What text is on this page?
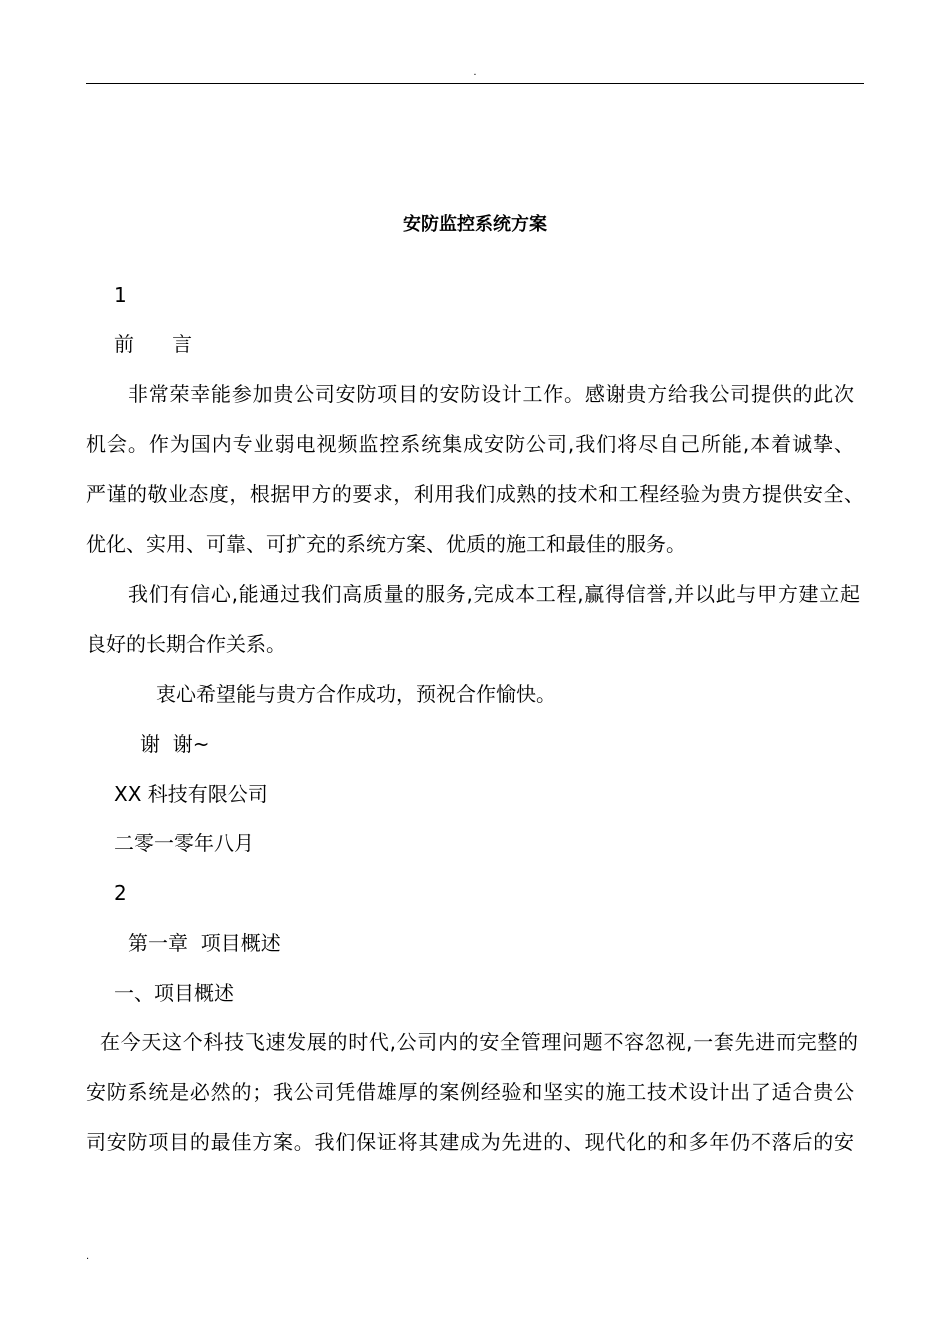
.
安防监控系统方案
1
前      言
非常荣幸能参加贵公司安防项目的安防设计工作。感谢贵方给我公司提供的此次
机会。作为国内专业弱电视频监控系统集成安防公司,我们将尽自己所能,本着诚挚、
严谨的敬业态度，根据甲方的要求，利用我们成熟的技术和工程经验为贵方提供安全、
优化、实用、可靠、可扩充的系统方案、优质的施工和最佳的服务。
我们有信心,能通过我们高质量的服务,完成本工程,赢得信誉,并以此与甲方建立起
良好的长期合作关系。
衷心希望能与贵方合作成功，预祝合作愉快。
谢  谢~
XX 科技有限公司
二零一零年八月
2
第一章  项目概述
一、项目概述
在今天这个科技飞速发展的时代,公司内的安全管理问题不容忽视,一套先进而完整的
安防系统是必然的；我公司凭借雄厚的案例经验和坚实的施工技术设计出了适合贵公
司安防项目的最佳方案。我们保证将其建成为先进的、现代化的和多年仍不落后的安
.
